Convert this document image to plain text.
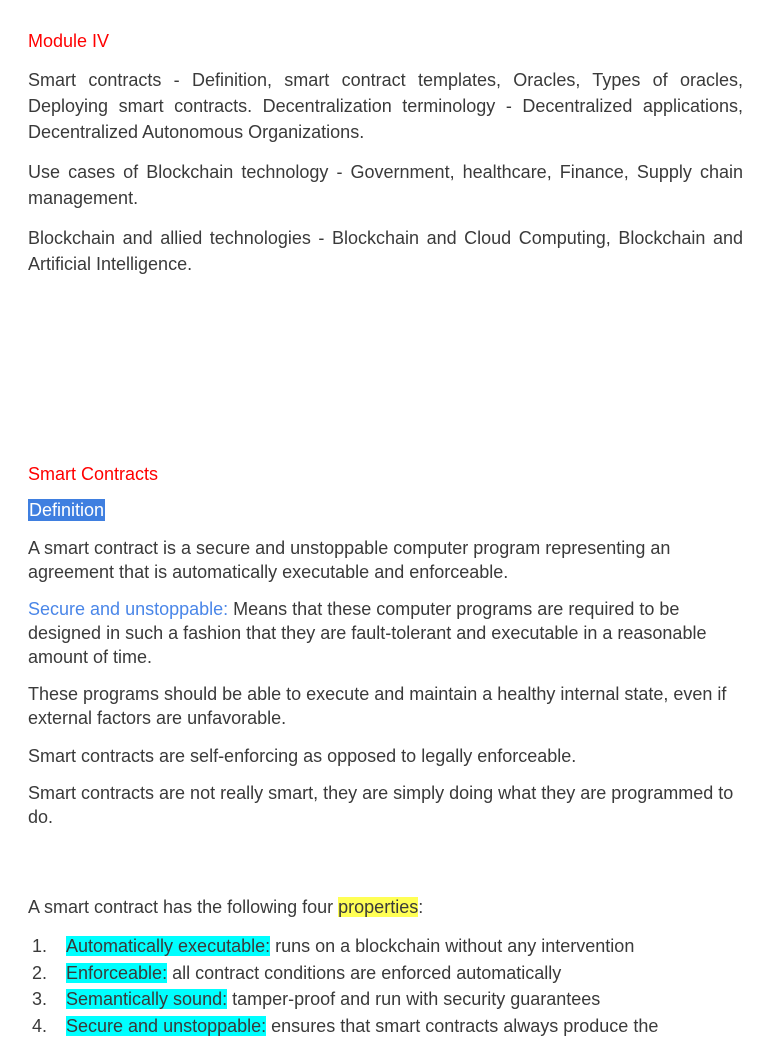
Module IV

Smart contracts - Definition, smart contract templates, Oracles, Types of oracles, Deploying smart contracts. Decentralization terminology - Decentralized applications, Decentralized Autonomous Organizations.

Use cases of Blockchain technology - Government, healthcare, Finance, Supply chain management.

Blockchain and allied technologies - Blockchain and Cloud Computing, Blockchain and Artificial Intelligence.

Smart Contracts
Definition

A smart contract is a secure and unstoppable computer program representing an agreement that is automatically executable and enforceable.

Secure and unstoppable: Means that these computer programs are required to be designed in such a fashion that they are fault-tolerant and executable in a reasonable amount of time.

These programs should be able to execute and maintain a healthy internal state, even if external factors are unfavorable.

Smart contracts are self-enforcing as opposed to legally enforceable.

Smart contracts are not really smart, they are simply doing what they are programmed to do.

A smart contract has the following four properties:

1. Automatically executable: runs on a blockchain without any intervention
2. Enforceable: all contract conditions are enforced automatically
3. Semantically sound: tamper-proof and run with security guarantees
4. Secure and unstoppable: ensures that smart contracts always produce the
